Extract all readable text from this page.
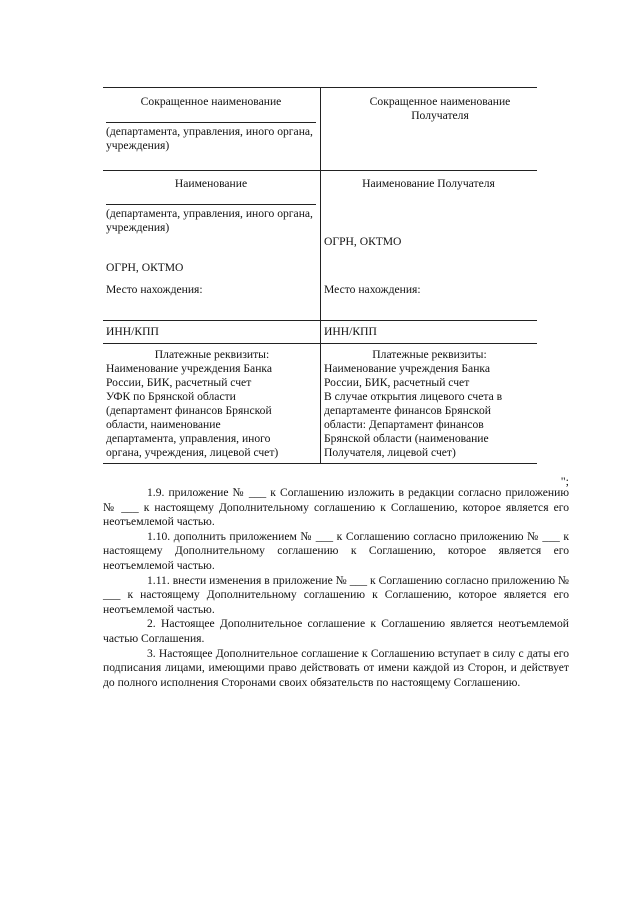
Сокращенное наименование
(департамента, управления, иного органа, учреждения)
Сокращенное наименование Получателя
Наименование
(департамента, управления, иного органа, учреждения)
ОГРН, ОКТМО
Место нахождения:
Наименование Получателя
ОГРН, ОКТМО
Место нахождения:
ИНН/КПП	ИНН/КПП
Платежные реквизиты:
Наименование учреждения Банка
России, БИК, расчетный счет
УФК по Брянской области
(департамент финансов Брянской
области, наименование
департамента, управления, иного
органа, учреждения, лицевой счет)
Платежные реквизиты:
Наименование учреждения Банка
России, БИК, расчетный счет
В случае открытия лицевого счета в
департаменте финансов Брянской
области: Департамент финансов
Брянской области (наименование
Получателя, лицевой счет)
";
1.9. приложение № ___ к Соглашению изложить в редакции согласно приложению № ___ к настоящему Дополнительному соглашению к Соглашению, которое является его неотъемлемой частью.
1.10. дополнить приложением № ___ к Соглашению согласно приложению № ___ к настоящему Дополнительному соглашению к Соглашению, которое является его неотъемлемой частью.
1.11. внести изменения в приложение № ___ к Соглашению согласно приложению № ___ к настоящему Дополнительному соглашению к Соглашению, которое является его неотъемлемой частью.
2. Настоящее Дополнительное соглашение к Соглашению является неотъемлемой частью Соглашения.
3. Настоящее Дополнительное соглашение к Соглашению вступает в силу с даты его подписания лицами, имеющими право действовать от имени каждой из Сторон, и действует до полного исполнения Сторонами своих обязательств по настоящему Соглашению.
